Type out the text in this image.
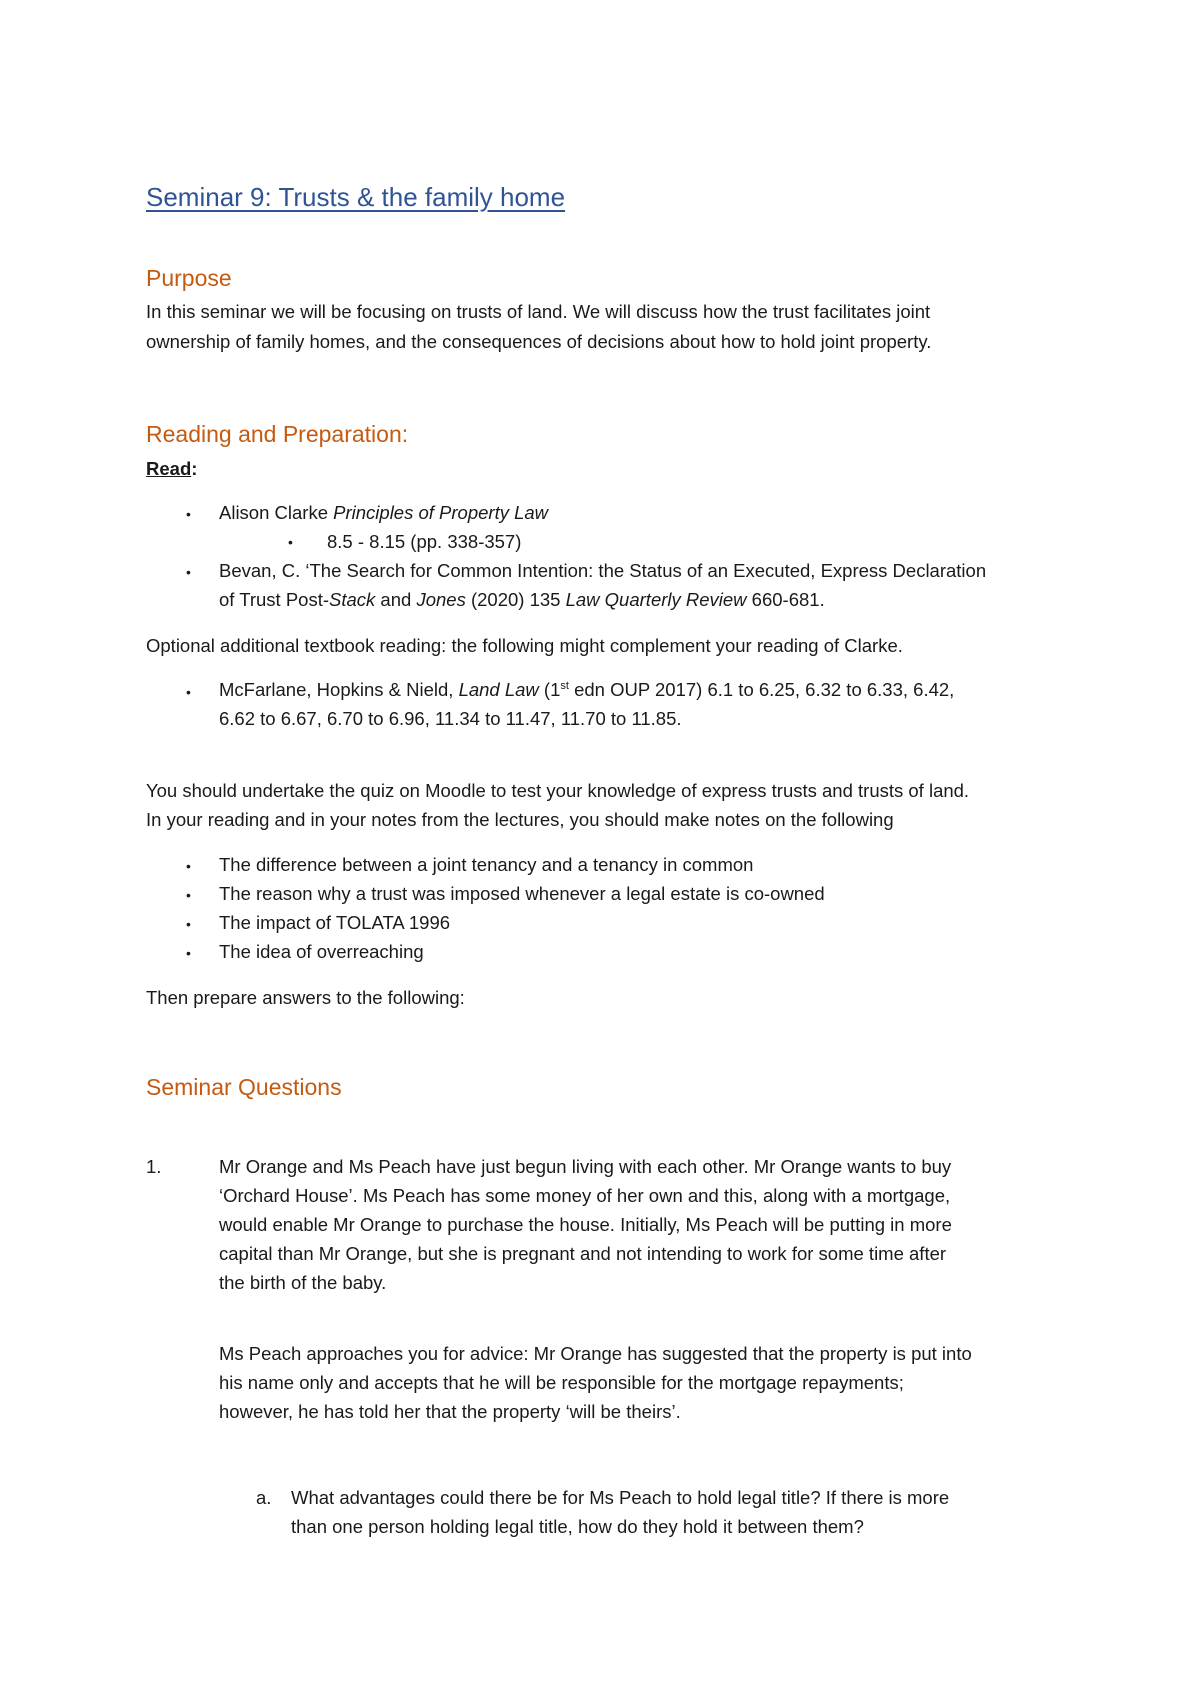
Seminar 9: Trusts & the family home
Purpose
In this seminar we will be focusing on trusts of land. We will discuss how the trust facilitates joint
ownership of family homes, and the consequences of decisions about how to hold joint property.
Reading and Preparation:
Read:
• Alison Clarke Principles of Property Law
• 8.5 - 8.15 (pp. 338-357)
• Bevan, C. ‘The Search for Common Intention: the Status of an Executed, Express Declaration
of Trust Post-Stack and Jones (2020) 135 Law Quarterly Review 660-681.
Optional additional textbook reading: the following might complement your reading of Clarke.
• McFarlane, Hopkins & Nield, Land Law (1st edn OUP 2017) 6.1 to 6.25, 6.32 to 6.33, 6.42,
6.62 to 6.67, 6.70 to 6.96, 11.34 to 11.47, 11.70 to 11.85.
You should undertake the quiz on Moodle to test your knowledge of express trusts and trusts of land.
In your reading and in your notes from the lectures, you should make notes on the following
• The difference between a joint tenancy and a tenancy in common
• The reason why a trust was imposed whenever a legal estate is co-owned
• The impact of TOLATA 1996
• The idea of overreaching
Then prepare answers to the following:
Seminar Questions
1.	Mr Orange and Ms Peach have just begun living with each other. Mr Orange wants to buy
‘Orchard House’. Ms Peach has some money of her own and this, along with a mortgage,
would enable Mr Orange to purchase the house. Initially, Ms Peach will be putting in more
capital than Mr Orange, but she is pregnant and not intending to work for some time after
the birth of the baby.
Ms Peach approaches you for advice: Mr Orange has suggested that the property is put into
his name only and accepts that he will be responsible for the mortgage repayments;
however, he has told her that the property ‘will be theirs’.
a. What advantages could there be for Ms Peach to hold legal title? If there is more
than one person holding legal title, how do they hold it between them?
